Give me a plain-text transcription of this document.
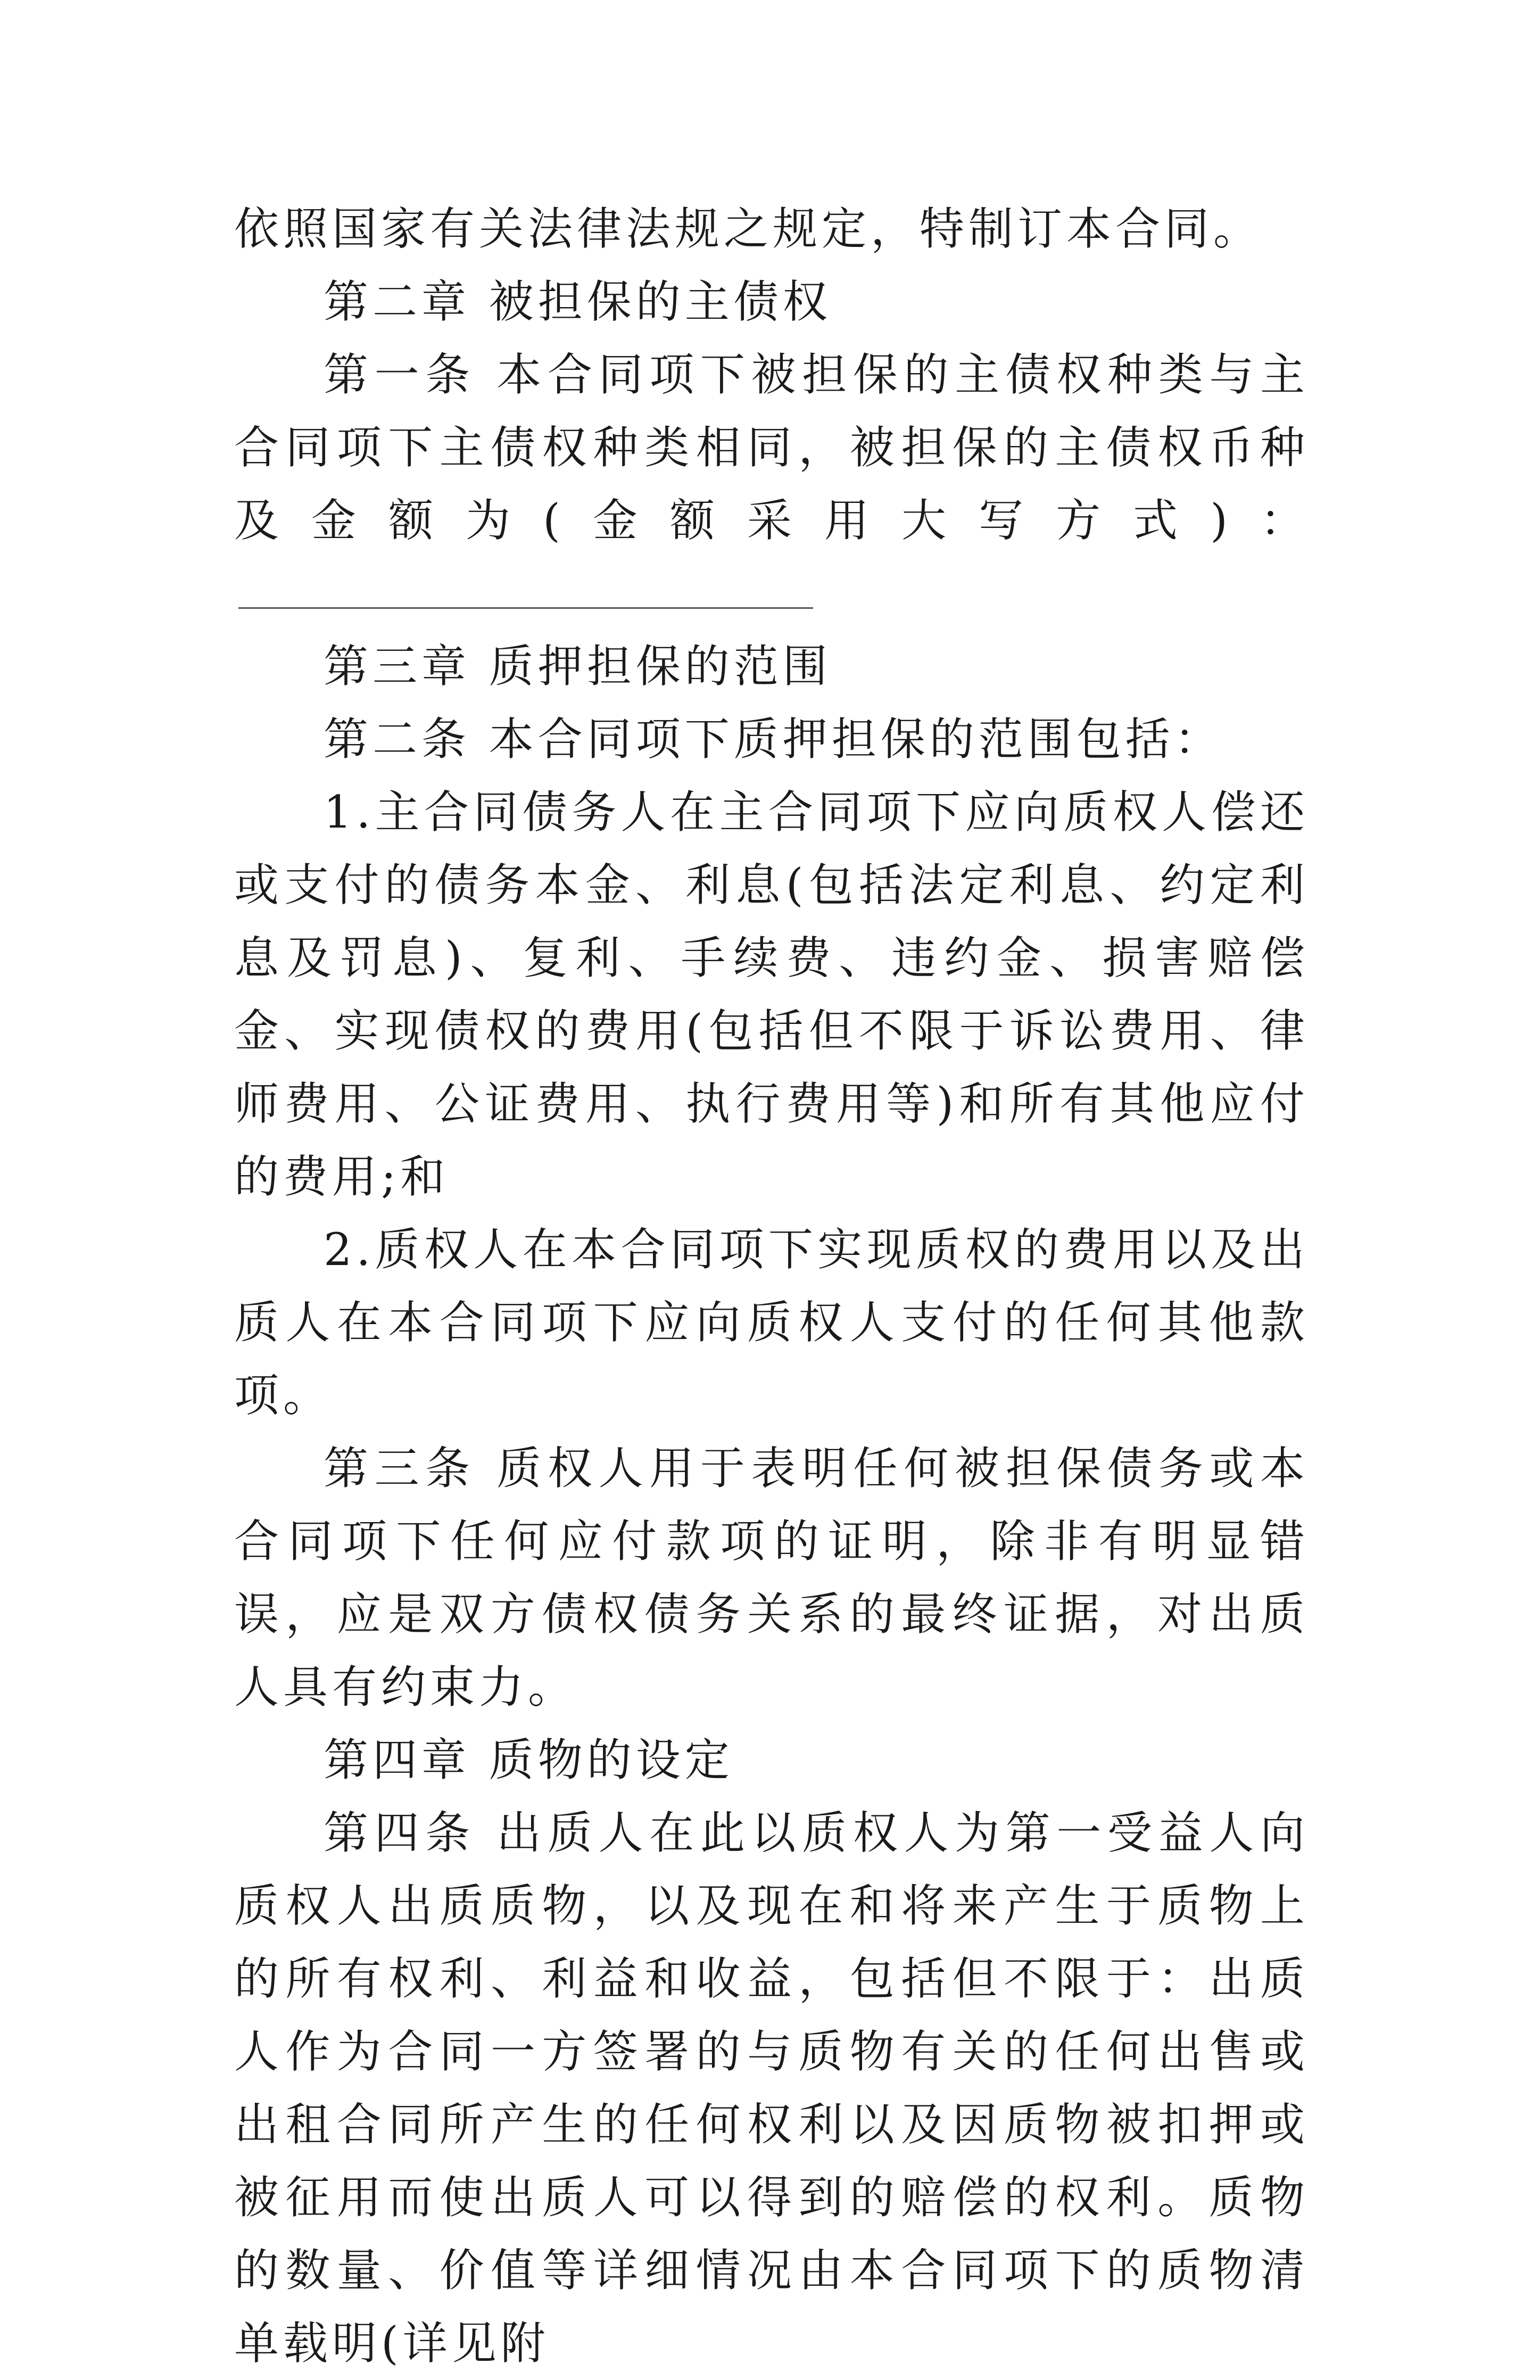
依照国家有关法律法规之规定，特制订本合同。

第二章 被担保的主债权

第一条 本合同项下被担保的主债权种类与主合同项下主债权种类相同，被担保的主债权币种及金额为(金额采用大写方式)：

第三章 质押担保的范围

第二条 本合同项下质押担保的范围包括：

1.主合同债务人在主合同项下应向质权人偿还或支付的债务本金、利息(包括法定利息、约定利息及罚息)、复利、手续费、违约金、损害赔偿金、实现债权的费用(包括但不限于诉讼费用、律师费用、公证费用、执行费用等)和所有其他应付的费用;和

2.质权人在本合同项下实现质权的费用以及出质人在本合同项下应向质权人支付的任何其他款项。

第三条 质权人用于表明任何被担保债务或本合同项下任何应付款项的证明，除非有明显错误，应是双方债权债务关系的最终证据，对出质人具有约束力。

第四章 质物的设定

第四条 出质人在此以质权人为第一受益人向质权人出质质物，以及现在和将来产生于质物上的所有权利、利益和收益，包括但不限于：出质人作为合同一方签署的与质物有关的任何出售或出租合同所产生的任何权利以及因质物被扣押或被征用而使出质人可以得到的赔偿的权利。质物的数量、价值等详细情况由本合同项下的质物清单载明(详见附
